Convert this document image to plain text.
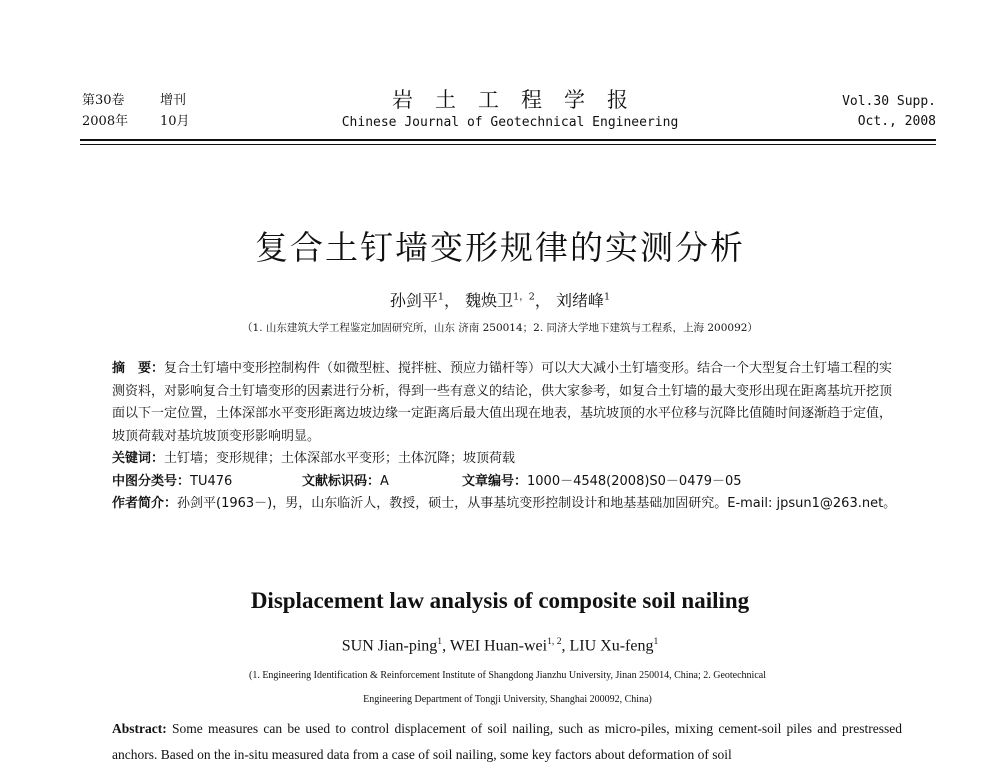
第30卷	增刊
2008年 10月
岩土工程学报
Chinese Journal of Geotechnical Engineering
Vol.30 Supp.
Oct., 2008
复合土钉墙变形规律的实测分析
孙剑平$^1$， 魏焕卫$^{1,2}$， 刘绪峰$^1$
（1. 山东建筑大学工程鉴定加固研究所，山东 济南 250014；2. 同济大学地下建筑与工程系，上海 200092）
摘　要：复合土钉墙中变形控制构件（如微型桩、搅拌桩、预应力锚杆等）可以大大减小土钉墙变形。结合一个大型复合土钉墙工程的实测资料，对影响复合土钉墙变形的因素进行分析，得到一些有意义的结论，供大家参考，如复合土钉墙的最大变形出现在距离基坑开挖顶面以下一定位置，土体深部水平变形距离边坡边缘一定距离后最大值出现在地表，基坑坡顶的水平位移与沉降比值随时间逐渐趋于定值，坡顶荷载对基坑坡顶变形影响明显。
关键词：土钉墙；变形规律；土体深部水平变形；土体沉降；坡顶荷载
中图分类号：TU476	文献标识码：A	文章编号：1000－4548(2008)S0－0479－05
作者简介：孙剑平(1963－)，男，山东临沂人，教授，硕士，从事基坑变形控制设计和地基基础加固研究。E-mail: jpsun1@263.net。
Displacement law analysis of composite soil nailing
SUN Jian-ping$^1$, WEI Huan-wei$^{1, 2}$, LIU Xu-feng$^1$
(1. Engineering Identification & Reinforcement Institute of Shangdong Jianzhu University, Jinan 250014, China; 2. Geotechnical
Engineering Department of Tongji University, Shanghai 200092, China)
Abstract: Some measures can be used to control displacement of soil nailing, such as micro-piles, mixing cement-soil piles and prestressed anchors. Based on the in-situ measured data from a case of soil nailing, some key factors about deformation of soil
